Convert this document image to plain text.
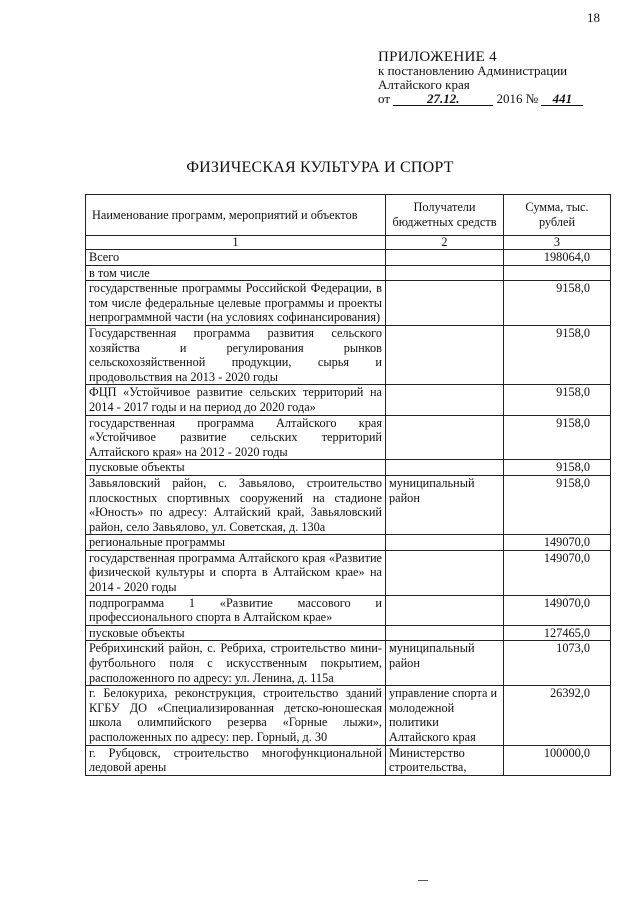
18
ПРИЛОЖЕНИЕ 4
к постановлению Администрации
Алтайского края
от	27.12.	2016 № 441
ФИЗИЧЕСКАЯ КУЛЬТУРА И СПОРТ
Наименование программ, мероприятий и объектов	Получатели бюджетных средств	Сумма, тыс. рублей
1	2	3
Всего		198064,0
в том числе		
государственные программы Российской Федерации, в том числе федеральные целевые программы и проекты непрограммной части (на условиях софинансирования)		9158,0
Государственная программа развития сельского хозяйства и регулирования рынков сельскохозяйственной продукции, сырья и продовольствия на 2013 - 2020 годы		9158,0
ФЦП «Устойчивое развитие сельских территорий на 2014 - 2017 годы и на период до 2020 года»		9158,0
государственная программа Алтайского края «Устойчивое развитие сельских территорий Алтайского края» на 2012 - 2020 годы		9158,0
пусковые объекты		9158,0
Завьяловский район, с. Завьялово, строительство плоскостных спортивных сооружений на стадионе «Юность» по адресу: Алтайский край, Завьяловский район, село Завьялово, ул. Советская, д. 130а	муниципальный район	9158,0
региональные программы		149070,0
государственная программа Алтайского края «Развитие физической культуры и спорта в Алтайском крае» на 2014 - 2020 годы		149070,0
подпрограмма 1 «Развитие массового и профессионального спорта в Алтайском крае»		149070,0
пусковые объекты		127465,0
Ребрихинский район, с. Ребриха, строительство мини-футбольного поля с искусственным покрытием, расположенного по адресу: ул. Ленина, д. 115а	муниципальный район	1073,0
г. Белокуриха, реконструкция, строительство зданий КГБУ ДО «Специализированная детско-юношеская школа олимпийского резерва «Горные лыжи», расположенных по адресу: пер. Горный, д. 30	управление спорта и молодежной политики Алтайского края	26392,0
г. Рубцовск, строительство многофункциональной ледовой арены	Министерство строительства,	100000,0
